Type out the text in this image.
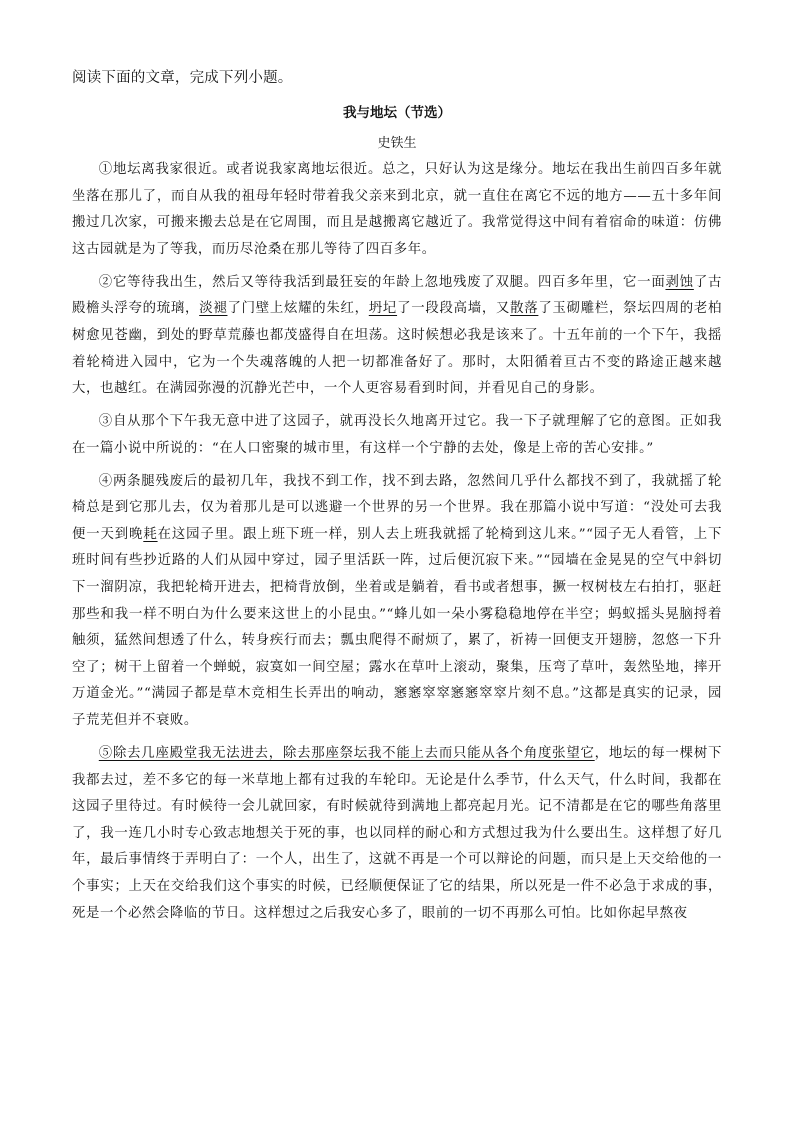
阅读下面的文章，完成下列小题。
我与地坛（节选）
史铁生

①地坛离我家很近。或者说我家离地坛很近。总之，只好认为这是缘分。地坛在我出生前四百多年就坐落在那儿了，而自从我的祖母年轻时带着我父亲来到北京，就一直住在离它不远的地方——五十多年间搬过几次家，可搬来搬去总是在它周围，而且是越搬离它越近了。我常觉得这中间有着宿命的味道：仿佛这古园就是为了等我，而历尽沧桑在那儿等待了四百多年。

②它等待我出生，然后又等待我活到最狂妄的年龄上忽地残废了双腿。四百多年里，它一面剥蚀了古殿檐头浮夸的琉璃，淡褪了门壁上炫耀的朱红，坍圮了一段段高墙，又散落了玉砌雕栏，祭坛四周的老柏树愈见苍幽，到处的野草荒藤也都茂盛得自在坦荡。这时候想必我是该来了。十五年前的一个下午，我摇着轮椅进入园中，它为一个失魂落魄的人把一切都准备好了。那时，太阳循着亘古不变的路途正越来越大，也越红。在满园弥漫的沉静光芒中，一个人更容易看到时间，并看见自己的身影。

③自从那个下午我无意中进了这园子，就再没长久地离开过它。我一下子就理解了它的意图。正如我在一篇小说中所说的：“在人口密聚的城市里，有这样一个宁静的去处，像是上帝的苦心安排。”

④两条腿残废后的最初几年，我找不到工作，找不到去路，忽然间几乎什么都找不到了，我就摇了轮椅总是到它那儿去，仅为着那儿是可以逃避一个世界的另一个世界。我在那篇小说中写道：“没处可去我便一天到晚耗在这园子里。跟上班下班一样，别人去上班我就摇了轮椅到这儿来。”“园子无人看管，上下班时间有些抄近路的人们从园中穿过，园子里活跃一阵，过后便沉寂下来。”“园墙在金晃晃的空气中斜切下一溜阴凉，我把轮椅开进去，把椅背放倒，坐着或是躺着，看书或者想事，撅一杈树枝左右拍打，驱赶那些和我一样不明白为什么要来这世上的小昆虫。”“蜂儿如一朵小雾稳稳地停在半空；蚂蚁摇头晃脑捋着触须，猛然间想透了什么，转身疾行而去；瓢虫爬得不耐烦了，累了，祈祷一回便支开翅膀，忽悠一下升空了；树干上留着一个蝉蜕，寂寞如一间空屋；露水在草叶上滚动，聚集，压弯了草叶，轰然坠地，摔开万道金光。”“满园子都是草木竞相生长弄出的响动，窸窸窣窣窸窸窣窣片刻不息。”这都是真实的记录，园子荒芜但并不衰败。

⑤除去几座殿堂我无法进去，除去那座祭坛我不能上去而只能从各个角度张望它，地坛的每一棵树下我都去过，差不多它的每一米草地上都有过我的车轮印。无论是什么季节，什么天气，什么时间，我都在这园子里待过。有时候待一会儿就回家，有时候就待到满地上都亮起月光。记不清都是在它的哪些角落里了，我一连几小时专心致志地想关于死的事，也以同样的耐心和方式想过我为什么要出生。这样想了好几年，最后事情终于弄明白了：一个人，出生了，这就不再是一个可以辩论的问题，而只是上天交给他的一个事实；上天在交给我们这个事实的时候，已经顺便保证了它的结果，所以死是一件不必急于求成的事，死是一个必然会降临的节日。这样想过之后我安心多了，眼前的一切不再那么可怕。比如你起早熬夜
